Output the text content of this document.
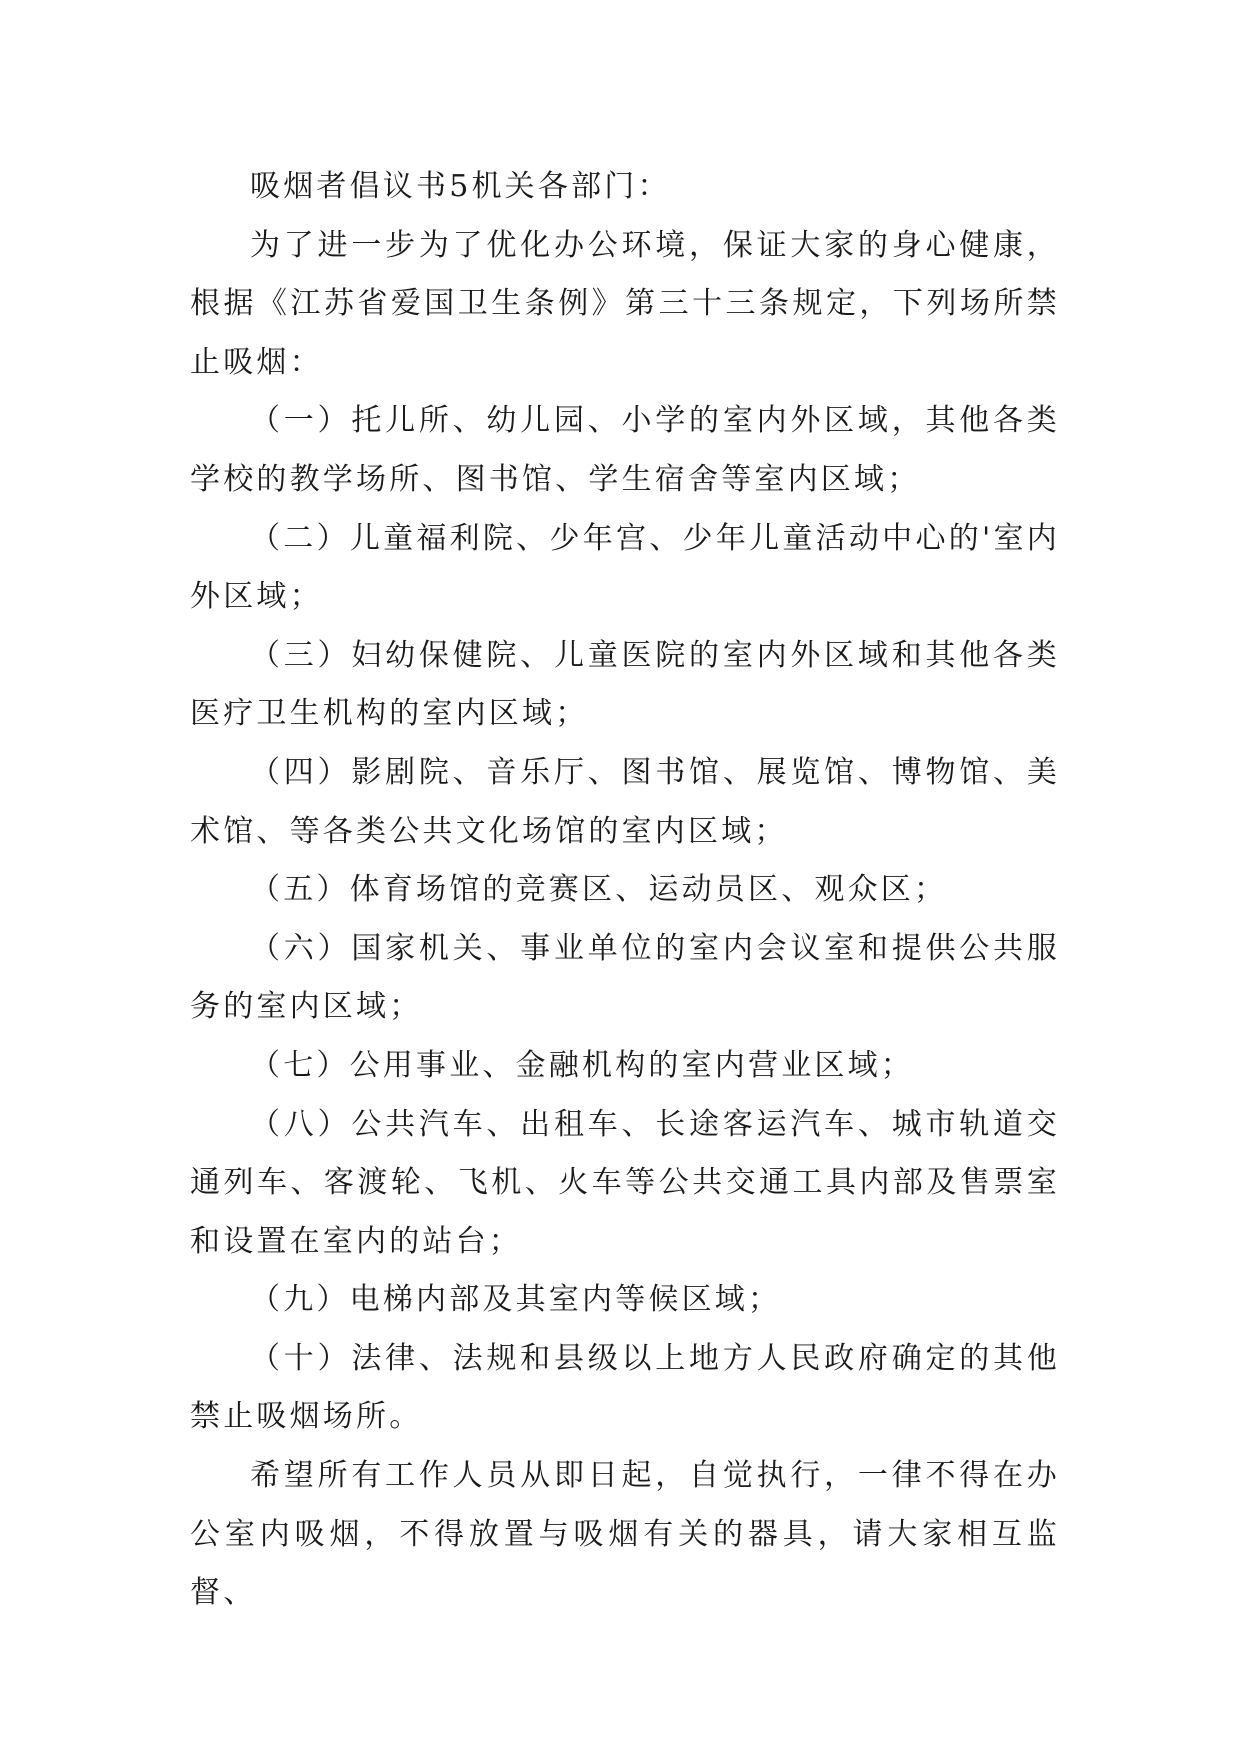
吸烟者倡议书5机关各部门：

为了进一步为了优化办公环境，保证大家的身心健康，根据《江苏省爱国卫生条例》第三十三条规定，下列场所禁止吸烟：

（一）托儿所、幼儿园、小学的室内外区域，其他各类学校的教学场所、图书馆、学生宿舍等室内区域；

（二）儿童福利院、少年宫、少年儿童活动中心的'室内外区域；

（三）妇幼保健院、儿童医院的室内外区域和其他各类医疗卫生机构的室内区域；

（四）影剧院、音乐厅、图书馆、展览馆、博物馆、美术馆、等各类公共文化场馆的室内区域；

（五）体育场馆的竞赛区、运动员区、观众区；

（六）国家机关、事业单位的室内会议室和提供公共服务的室内区域；

（七）公用事业、金融机构的室内营业区域；

（八）公共汽车、出租车、长途客运汽车、城市轨道交通列车、客渡轮、飞机、火车等公共交通工具内部及售票室和设置在室内的站台；

（九）电梯内部及其室内等候区域；

（十）法律、法规和县级以上地方人民政府确定的其他禁止吸烟场所。

希望所有工作人员从即日起，自觉执行，一律不得在办公室内吸烟，不得放置与吸烟有关的器具，请大家相互监督、
